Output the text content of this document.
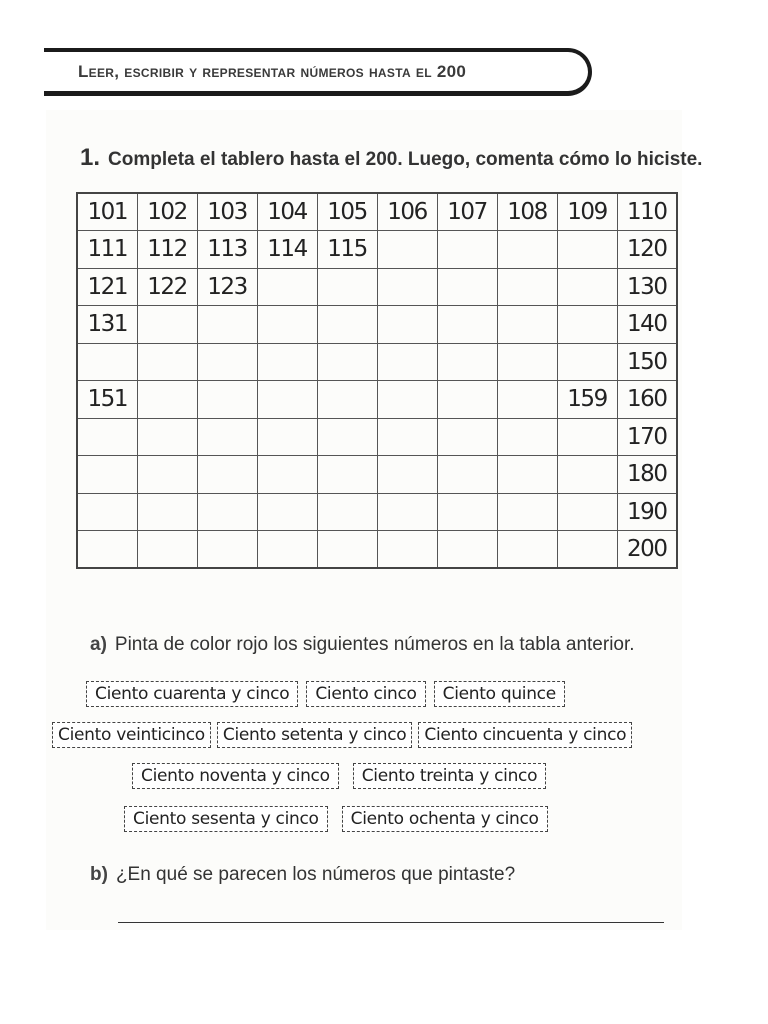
Leer, escribir y representar números hasta el 200
1. Completa el tablero hasta el 200. Luego, comenta cómo lo hiciste.
101	102	103	104	105	106	107	108	109	110
111	112	113	114	115					120
121	122	123							130
131									140
									150
151								159	160
									170
									180
									190
									200
a) Pinta de color rojo los siguientes números en la tabla anterior.
Ciento cuarenta y cinco	Ciento cinco	Ciento quince
Ciento veinticinco	Ciento setenta y cinco	Ciento cincuenta y cinco
Ciento noventa y cinco	Ciento treinta y cinco
Ciento sesenta y cinco	Ciento ochenta y cinco
b) ¿En qué se parecen los números que pintaste?
